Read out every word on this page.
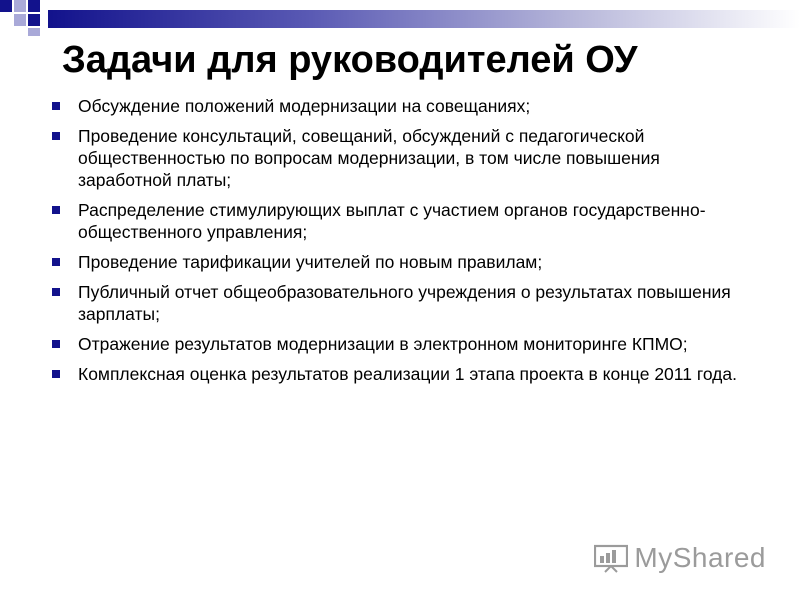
Задачи для руководителей ОУ
Обсуждение положений модернизации на совещаниях;
Проведение консультаций, совещаний, обсуждений с педагогической общественностью по вопросам модернизации, в том числе повышения заработной платы;
Распределение стимулирующих выплат с участием органов государственно-общественного управления;
Проведение тарификации учителей по новым правилам;
Публичный отчет общеобразовательного учреждения о результатах повышения зарплаты;
Отражение результатов модернизации в электронном мониторинге КПМО;
Комплексная оценка результатов реализации 1 этапа проекта в конце 2011 года.
MyShared
